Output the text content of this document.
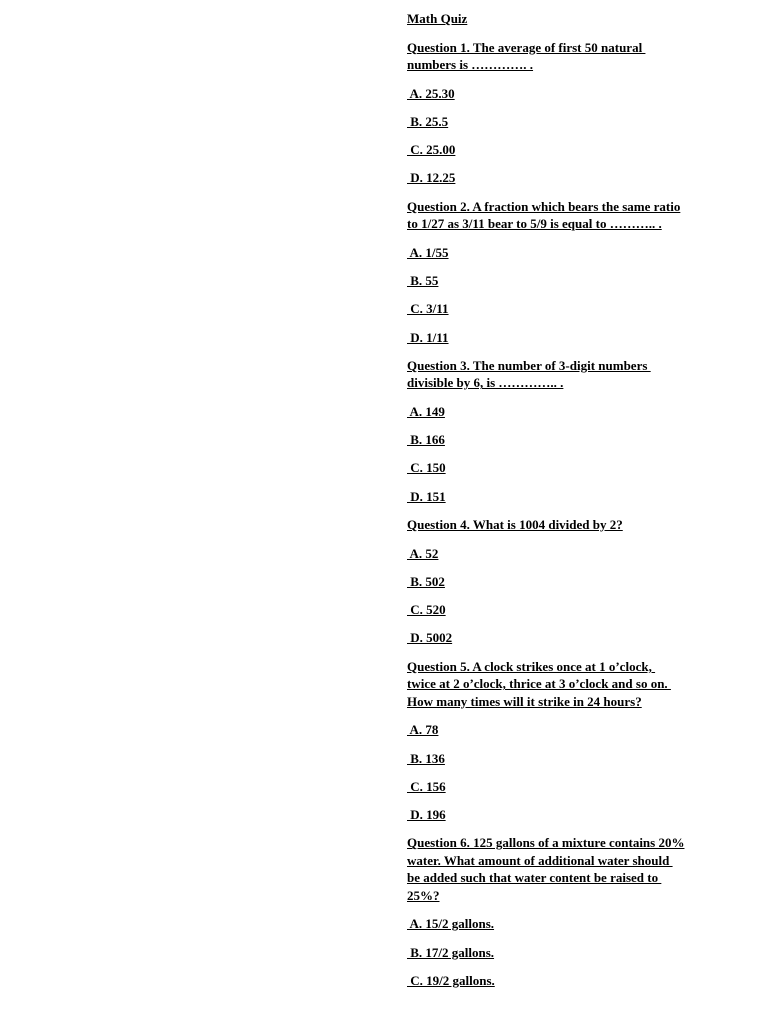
Math Quiz
Question 1. The average of first 50 natural
numbers is …………. .
A. 25.30
B. 25.5
C. 25.00
D. 12.25
Question 2. A fraction which bears the same ratio
to 1/27 as 3/11 bear to 5/9 is equal to ……….. .
A. 1/55
B. 55
C. 3/11
D. 1/11
Question 3. The number of 3-digit numbers
divisible by 6, is ………….. .
A. 149
B. 166
C. 150
D. 151
Question 4. What is 1004 divided by 2?
A. 52
B. 502
C. 520
D. 5002
Question 5. A clock strikes once at 1 o’clock,
twice at 2 o’clock, thrice at 3 o’clock and so on.
How many times will it strike in 24 hours?
A. 78
B. 136
C. 156
D. 196
Question 6. 125 gallons of a mixture contains 20%
water. What amount of additional water should
be added such that water content be raised to
25%?
A. 15/2 gallons.
B. 17/2 gallons.
C. 19/2 gallons.
